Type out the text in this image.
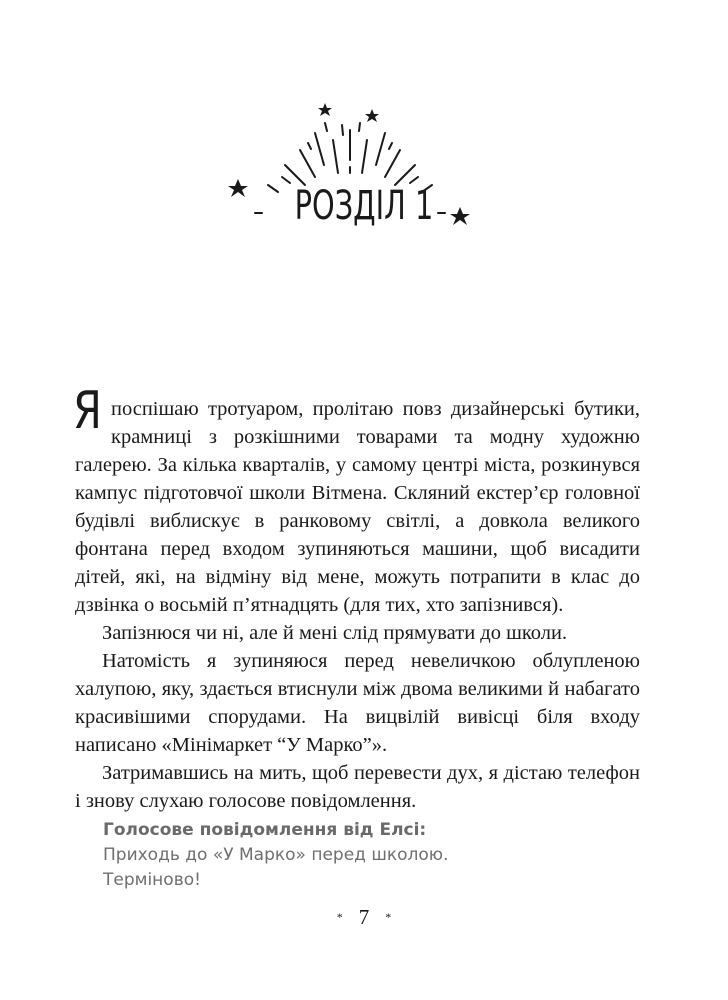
РОЗДІЛ 1

Япоспішаю тротуаром, пролітаю повз дизайнерські бутики, крамниці з розкішними товарами та модну художню галерею. За кілька кварталів, у самому центрі міста, розкинувся кампус підготовчої школи Вітмена. Скляний екстер’єр головної будівлі виблискує в ранковому світлі, а довкола великого фонтана перед входом зупиняються машини, щоб висадити дітей, які, на відміну від мене, можуть потрапити в клас до дзвінка о восьмій п’ятнадцять (для тих, хто запізнився).

Запізнюся чи ні, але й мені слід прямувати до школи.

Натомість я зупиняюся перед невеличкою облупленою халупою, яку, здається втиснули між двома великими й набагато красивішими спорудами. На вицвілій вивісці біля входу написано «Мінімаркет “У Марко”».

Затримавшись на мить, щоб перевести дух, я дістаю телефон і знову слухаю голосове повідомлення.

Голосове повідомлення від Елсі:
Приходь до «У Марко» перед школою.
Терміново!
* 7 *
